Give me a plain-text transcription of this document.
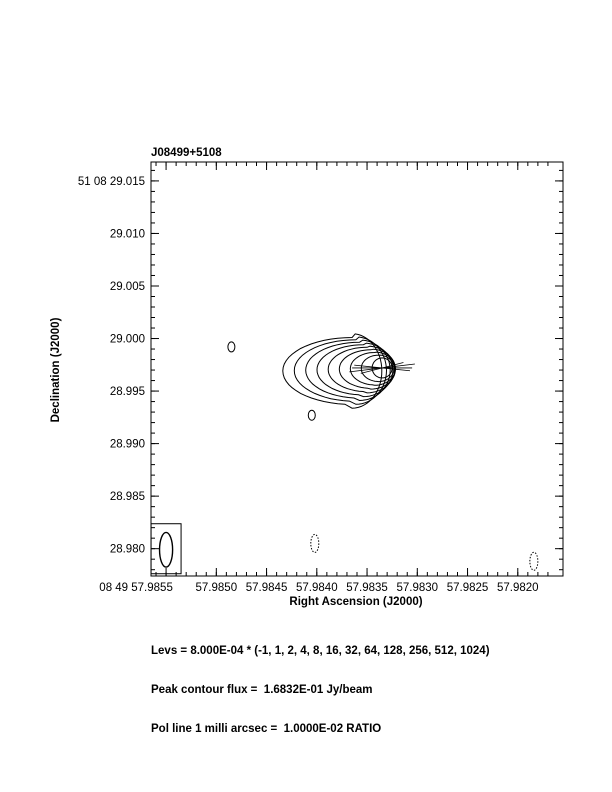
J08499+5108
08 49 57.9855 57.9850 57.9845 57.9840 57.9835 57.9830 57.9825 57.9820
51 08 29.015
29.010
29.005
29.000
28.995
28.990
28.985
28.980
Right Ascension (J2000)
Declination (J2000)

Levs = 8.000E-04 * (-1, 1, 2, 4, 8, 16, 32, 64, 128, 256, 512, 1024)

Peak contour flux =  1.6832E-01 Jy/beam

Pol line 1 milli arcsec =  1.0000E-02 RATIO
